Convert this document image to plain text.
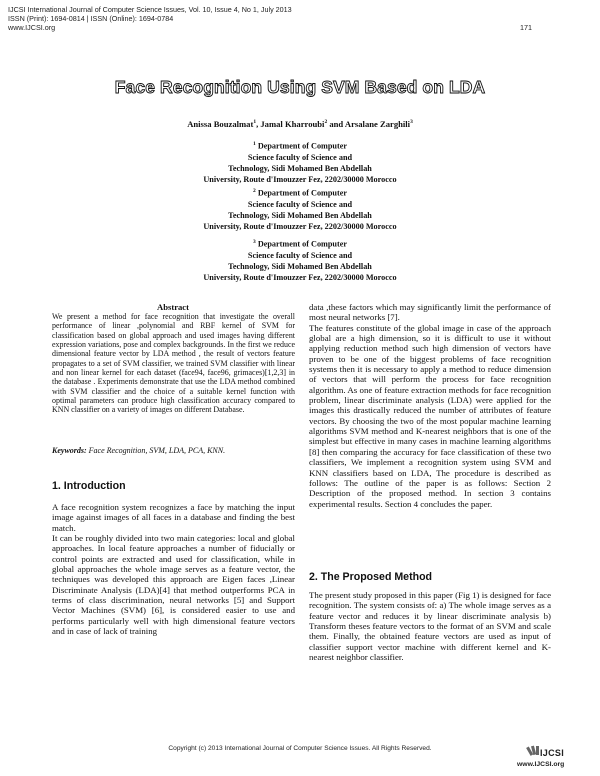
IJCSI International Journal of Computer Science Issues, Vol. 10, Issue 4, No 1, July 2013
ISSN (Print): 1694-0814 | ISSN (Online): 1694-0784
www.IJCSI.org	171
Face Recognition Using SVM Based on LDA
Anissa Bouzalmat$^1$, Jamal Kharroubi$^2$ and Arsalane Zarghili$^3$
$^1$ Department of Computer
Science faculty of Science and
Technology, Sidi Mohamed Ben Abdellah
University, Route d'Imouzzer Fez, 2202/30000 Morocco
$^2$ Department of Computer
Science faculty of Science and
Technology, Sidi Mohamed Ben Abdellah
University, Route d'Imouzzer Fez, 2202/30000 Morocco
$^3$ Department of Computer
Science faculty of Science and
Technology, Sidi Mohamed Ben Abdellah
University, Route d'Imouzzer Fez, 2202/30000 Morocco
Abstract
We present a method for face recognition that investigate the overall performance of linear ,polynomial and RBF kernel of SVM for classification based on global approach and used images having different expression variations, pose and complex backgrounds. In the first we reduce dimensional feature vector by LDA method , the result of vectors feature propagates to a set of SVM classifier, we trained SVM classifier with linear and non linear kernel for each dataset (face94, face96, grimaces)[1,2,3] in the database . Experiments demonstrate that use the LDA method combined with SVM classifier and the choice of a suitable kernel function with optimal parameters can produce high classification accuracy compared to KNN classifier on a variety of images on different Database.
Keywords: Face Recognition, SVM, LDA, PCA, KNN.
1. Introduction

A face recognition system recognizes a face by matching the input image against images of all faces in a database and finding the best match.

It can be roughly divided into two main categories: local and global approaches. In local feature approaches a number of fiducially or control points are extracted and used for classification, while in global approaches the whole image serves as a feature vector, the techniques was developed this approach are Eigen faces ,Linear Discriminate Analysis (LDA)[4] that method outperforms PCA in terms of class discrimination, neural networks [5] and Support Vector Machines (SVM) [6], is considered easier to use and performs particularly well with high dimensional feature vectors and in case of lack of training

data ,these factors which may significantly limit the performance of most neural networks [7].

The features constitute of the global image in case of the approach global are a high dimension, so it is difficult to use it without applying reduction method such high dimension of vectors have proven to be one of the biggest problems of face recognition systems then it is necessary to apply a method to reduce dimension of vectors that will perform the process for face recognition algorithm. As one of feature extraction methods for face recognition problem, linear discriminate analysis (LDA) were applied for the images this drastically reduced the number of attributes of feature vectors. By choosing the two of the most popular machine learning algorithms SVM method and K-nearest neighbors that is one of the simplest but effective in many cases in machine learning algorithms [8] then comparing the accuracy for face classification of these two classifiers, We implement a recognition system using SVM and KNN classifiers based on LDA, The procedure is described as follows: The outline of the paper is as follows: Section 2 Description of the proposed method. In section 3 contains experimental results. Section 4 concludes the paper.

2. The Proposed Method

The present study proposed in this paper (Fig 1) is designed for face recognition. The system consists of: a) The whole image serves as a feature vector and reduces it by linear discriminate analysis b) Transform theses feature vectors to the format of an SVM and scale them. Finally, the obtained feature vectors are used as input of classifier support vector machine with different kernel and K-nearest neighbor classifier.

Copyright (c) 2013 International Journal of Computer Science Issues. All Rights Reserved.	IJCSI
www.IJCSI.org
